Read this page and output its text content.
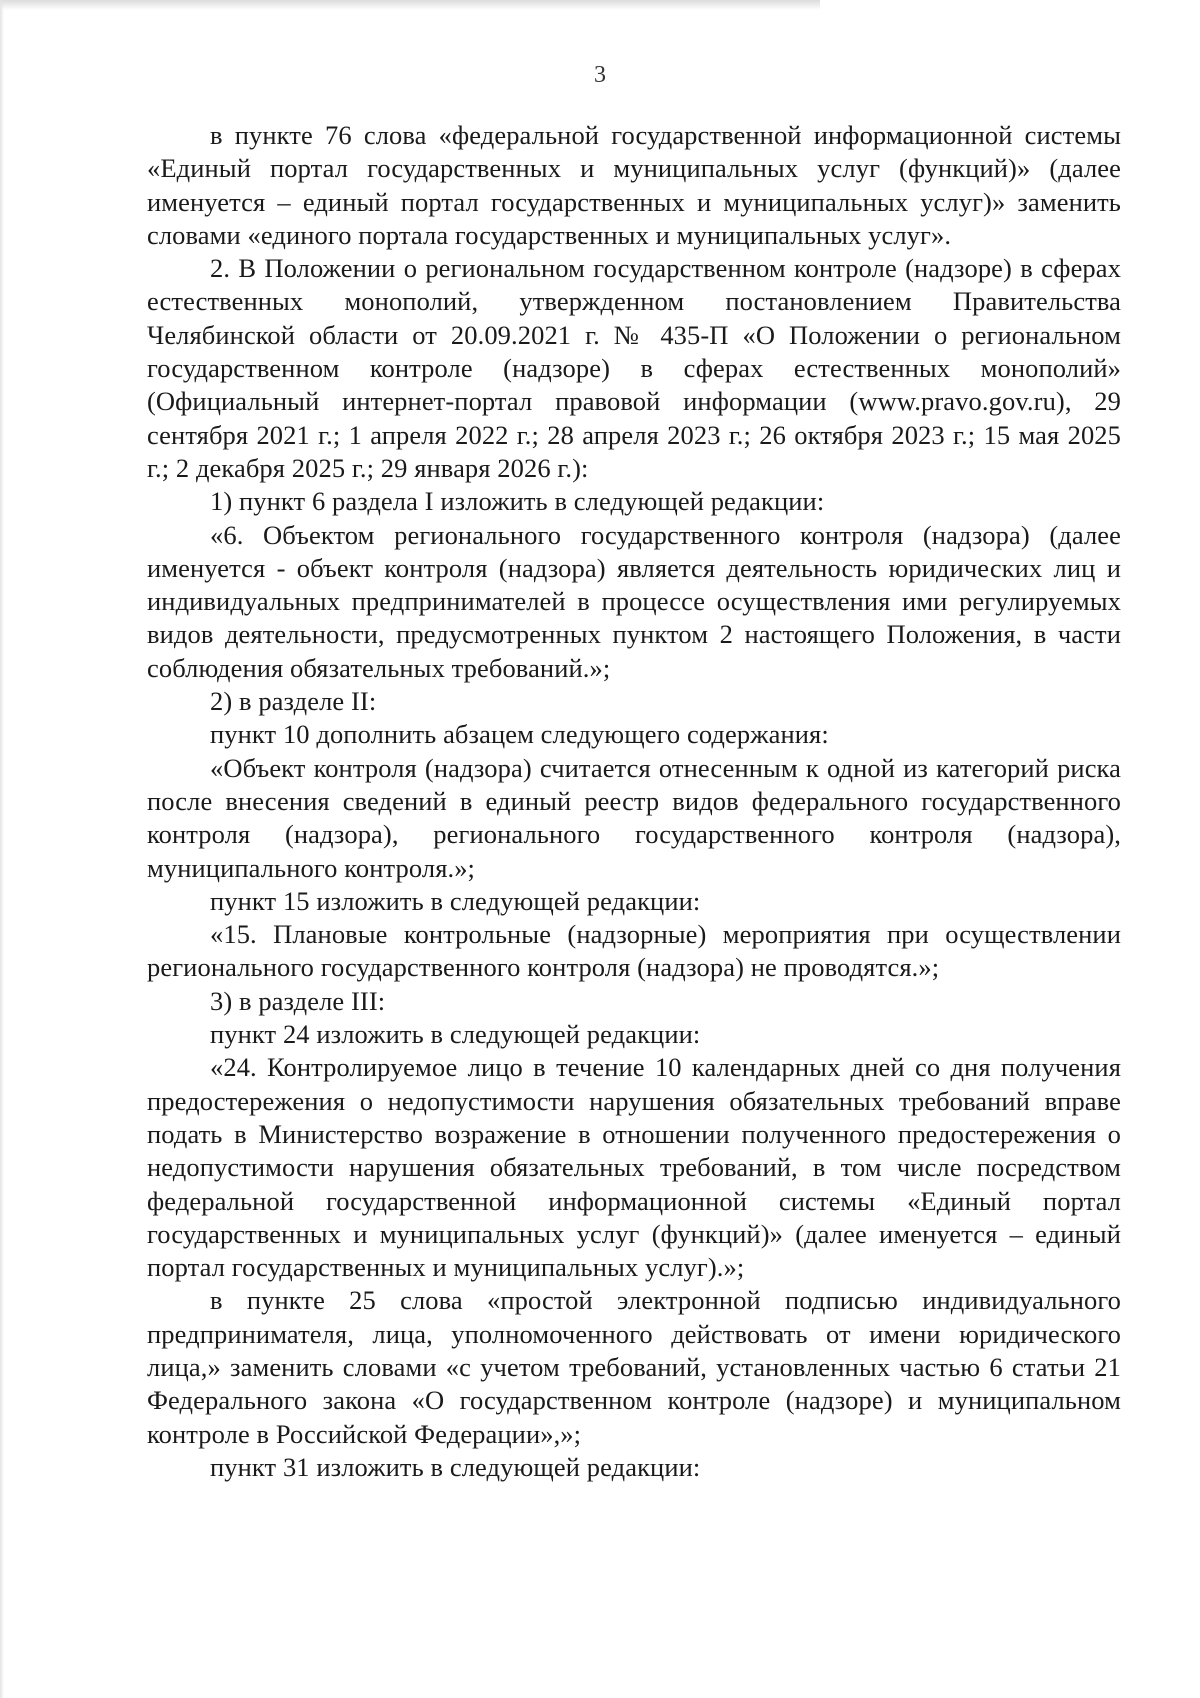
3

в пункте 76 слова «федеральной государственной информационной системы «Единый портал государственных и муниципальных услуг (функций)» (далее именуется – единый портал государственных и муниципальных услуг)» заменить словами «единого портала государственных и муниципальных услуг».

2. В Положении о региональном государственном контроле (надзоре) в сферах естественных монополий, утвержденном постановлением Правительства Челябинской области от 20.09.2021 г. № 435-П «О Положении о региональном государственном контроле (надзоре) в сферах естественных монополий» (Официальный интернет-портал правовой информации (www.pravo.gov.ru), 29 сентября 2021 г.; 1 апреля 2022 г.; 28 апреля 2023 г.; 26 октября 2023 г.; 15 мая 2025 г.; 2 декабря 2025 г.; 29 января 2026 г.):

1) пункт 6 раздела I изложить в следующей редакции:

«6. Объектом регионального государственного контроля (надзора) (далее именуется - объект контроля (надзора) является деятельность юридических лиц и индивидуальных предпринимателей в процессе осуществления ими регулируемых видов деятельности, предусмотренных пунктом 2 настоящего Положения, в части соблюдения обязательных требований.»;

2) в разделе II:

пункт 10 дополнить абзацем следующего содержания:

«Объект контроля (надзора) считается отнесенным к одной из категорий риска после внесения сведений в единый реестр видов федерального государственного контроля (надзора), регионального государственного контроля (надзора), муниципального контроля.»;

пункт 15 изложить в следующей редакции:

«15. Плановые контрольные (надзорные) мероприятия при осуществлении регионального государственного контроля (надзора) не проводятся.»;

3) в разделе III:

пункт 24 изложить в следующей редакции:

«24. Контролируемое лицо в течение 10 календарных дней со дня получения предостережения о недопустимости нарушения обязательных требований вправе подать в Министерство возражение в отношении полученного предостережения о недопустимости нарушения обязательных требований, в том числе посредством федеральной государственной информационной системы «Единый портал государственных и муниципальных услуг (функций)» (далее именуется – единый портал государственных и муниципальных услуг).»;

в пункте 25 слова «простой электронной подписью индивидуального предпринимателя, лица, уполномоченного действовать от имени юридического лица,» заменить словами «с учетом требований, установленных частью 6 статьи 21 Федерального закона «О государственном контроле (надзоре) и муниципальном контроле в Российской Федерации»,»;

пункт 31 изложить в следующей редакции:
